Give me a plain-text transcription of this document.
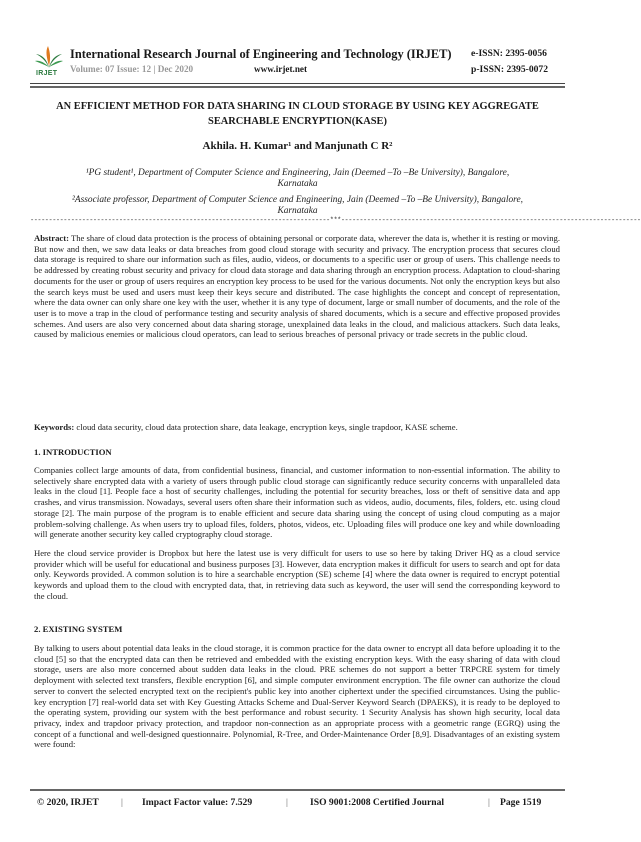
IRJET
International Research Journal of Engineering and Technology (IRJET) e-ISSN: 2395-0056
Volume: 07 Issue: 12 | Dec 2020	www.irjet.net	p-ISSN: 2395-0072
AN EFFICIENT METHOD FOR DATA SHARING IN CLOUD STORAGE BY USING KEY AGGREGATE SEARCHABLE ENCRYPTION(KASE)
Akhila. H. Kumar¹ and Manjunath C R²
¹PG student¹, Department of Computer Science and Engineering, Jain (Deemed –To –Be University), Bangalore, Karnataka
²Associate professor, Department of Computer Science and Engineering, Jain (Deemed –To –Be University), Bangalore, Karnataka
---------------------------------------------------------------------------------***---------------------------------------------------------------------------------
Abstract: The share of cloud data protection is the process of obtaining personal or corporate data, wherever the data is, whether it is resting or moving. But now and then, we saw data leaks or data breaches from good cloud storage with security and privacy. The encryption process that secures cloud data storage is required to share our information such as files, audio, videos, or documents to a specific user or group of users. This challenge needs to be addressed by creating robust security and privacy for cloud data storage and data sharing through an encryption process. Adaptation to cloud-sharing documents for the user or group of users requires an encryption key process to be used for the various documents. Not only the encryption keys but also the search keys must be used and users must keep their keys secure and distributed. The case highlights the concept and concept of representation, where the data owner can only share one key with the user, whether it is any type of document, large or small number of documents, and the role of the user is to move a trap in the cloud of performance testing and security analysis of shared documents, which is a secure and effective proposed provides schemes. And users are also very concerned about data sharing storage, unexplained data leaks in the cloud, and malicious attackers. Such data leaks, caused by malicious enemies or malicious cloud operators, can lead to serious breaches of personal privacy or trade secrets in the public cloud.
Keywords: cloud data security, cloud data protection share, data leakage, encryption keys, single trapdoor, KASE scheme.
1. INTRODUCTION
Companies collect large amounts of data, from confidential business, financial, and customer information to non-essential information. The ability to selectively share encrypted data with a variety of users through public cloud storage can significantly reduce security concerns with unparalleled data leaks in the cloud [1]. People face a host of security challenges, including the potential for security breaches, loss or theft of sensitive data and app crashes, and virus transmission. Nowadays, several users often share their information such as videos, audio, documents, files, folders, etc. using cloud storage [2]. The main purpose of the program is to enable efficient and secure data sharing using the concept of using cloud computing as a major problem-solving challenge. As when users try to upload files, folders, photos, videos, etc. Uploading files will produce one key and while downloading will generate another security key called cryptography cloud storage.
Here the cloud service provider is Dropbox but here the latest use is very difficult for users to use so here by taking Driver HQ as a cloud service provider which will be useful for educational and business purposes [3]. However, data encryption makes it difficult for users to search and opt for data only. Keywords provided. A common solution is to hire a searchable encryption (SE) scheme [4] where the data owner is required to encrypt potential keywords and upload them to the cloud with encrypted data, that, in retrieving data such as keyword, the user will send the corresponding keyword to the cloud.
2. EXISTING SYSTEM
By talking to users about potential data leaks in the cloud storage, it is common practice for the data owner to encrypt all data before uploading it to the cloud [5] so that the encrypted data can then be retrieved and embedded with the existing encryption keys. With the easy sharing of data with cloud storage, users are also more concerned about sudden data leaks in the cloud. PRE schemes do not support a better TRPCRE system for timely deployment with selected text transfers, flexible encryption [6], and simple computer environment encryption. The file owner can authorize the cloud server to convert the selected encrypted text on the recipient's public key into another ciphertext under the specified circumstances. Using the public-key encryption [7] real-world data set with Key Guesting Attacks Scheme and Dual-Server Keyword Search (DPAEKS), it is ready to be deployed to the operating system, providing our system with the best performance and robust security. 1 Security Analysis has shown high security, local data privacy, index and trapdoor privacy protection, and trapdoor non-connection as an appropriate process with a geometric range (EGRQ) using the concept of a functional and well-designed questionnaire. Polynomial, R-Tree, and Order-Maintenance Order [8,9]. Disadvantages of an existing system were found:
© 2020, IRJET | Impact Factor value: 7.529	| ISO 9001:2008 Certified Journal	| Page 1519
